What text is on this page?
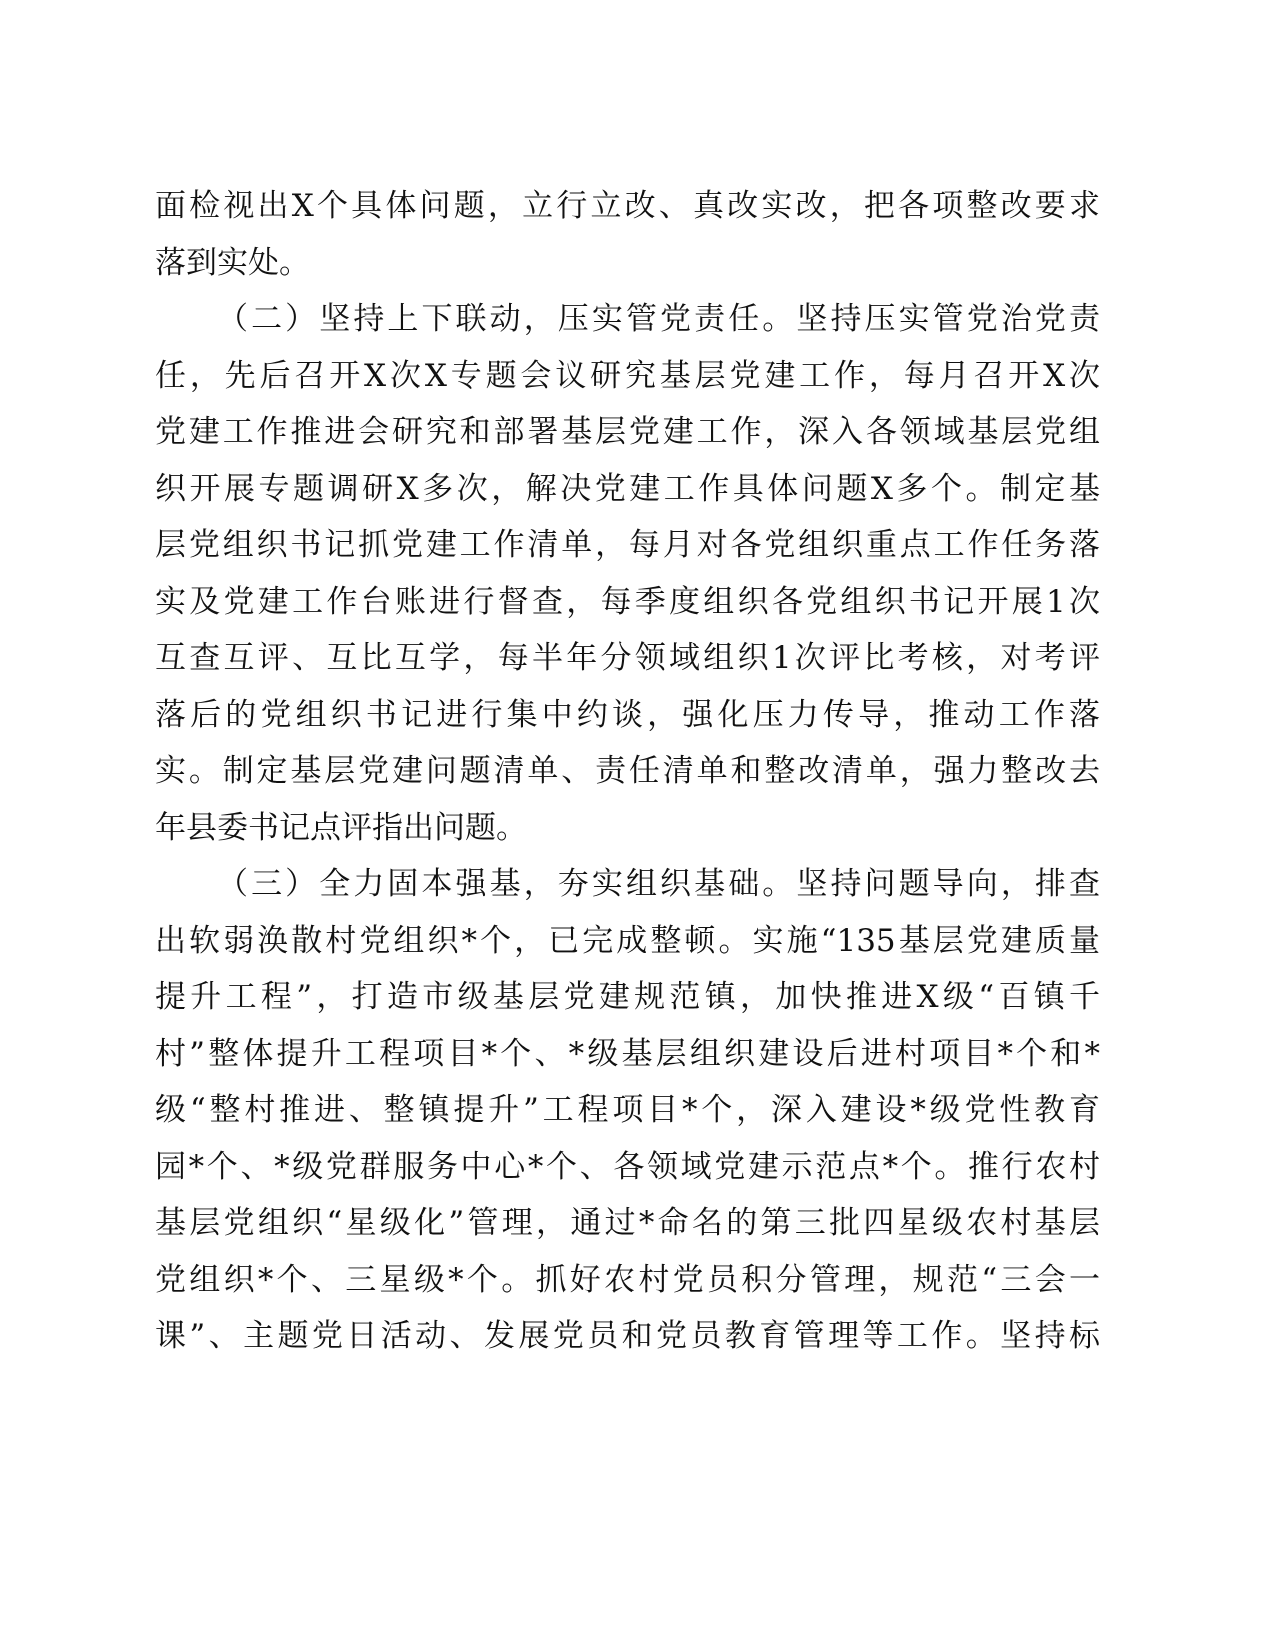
面检视出X个具体问题，立行立改、真改实改，把各项整改要求
落到实处。
（二）坚持上下联动，压实管党责任。坚持压实管党治党责
任，先后召开X次X专题会议研究基层党建工作，每月召开X次
党建工作推进会研究和部署基层党建工作，深入各领域基层党组
织开展专题调研X多次，解决党建工作具体问题X多个。制定基
层党组织书记抓党建工作清单，每月对各党组织重点工作任务落
实及党建工作台账进行督查，每季度组织各党组织书记开展1次
互查互评、互比互学，每半年分领域组织1次评比考核，对考评
落后的党组织书记进行集中约谈，强化压力传导，推动工作落
实。制定基层党建问题清单、责任清单和整改清单，强力整改去
年县委书记点评指出问题。
（三）全力固本强基，夯实组织基础。坚持问题导向，排查
出软弱涣散村党组织*个，已完成整顿。实施“135基层党建质量
提升工程”，打造市级基层党建规范镇，加快推进X级“百镇千
村”整体提升工程项目*个、*级基层组织建设后进村项目*个和*
级“整村推进、整镇提升”工程项目*个，深入建设*级党性教育
园*个、*级党群服务中心*个、各领域党建示范点*个。推行农村
基层党组织“星级化”管理，通过*命名的第三批四星级农村基层
党组织*个、三星级*个。抓好农村党员积分管理，规范“三会一
课”、主题党日活动、发展党员和党员教育管理等工作。坚持标
